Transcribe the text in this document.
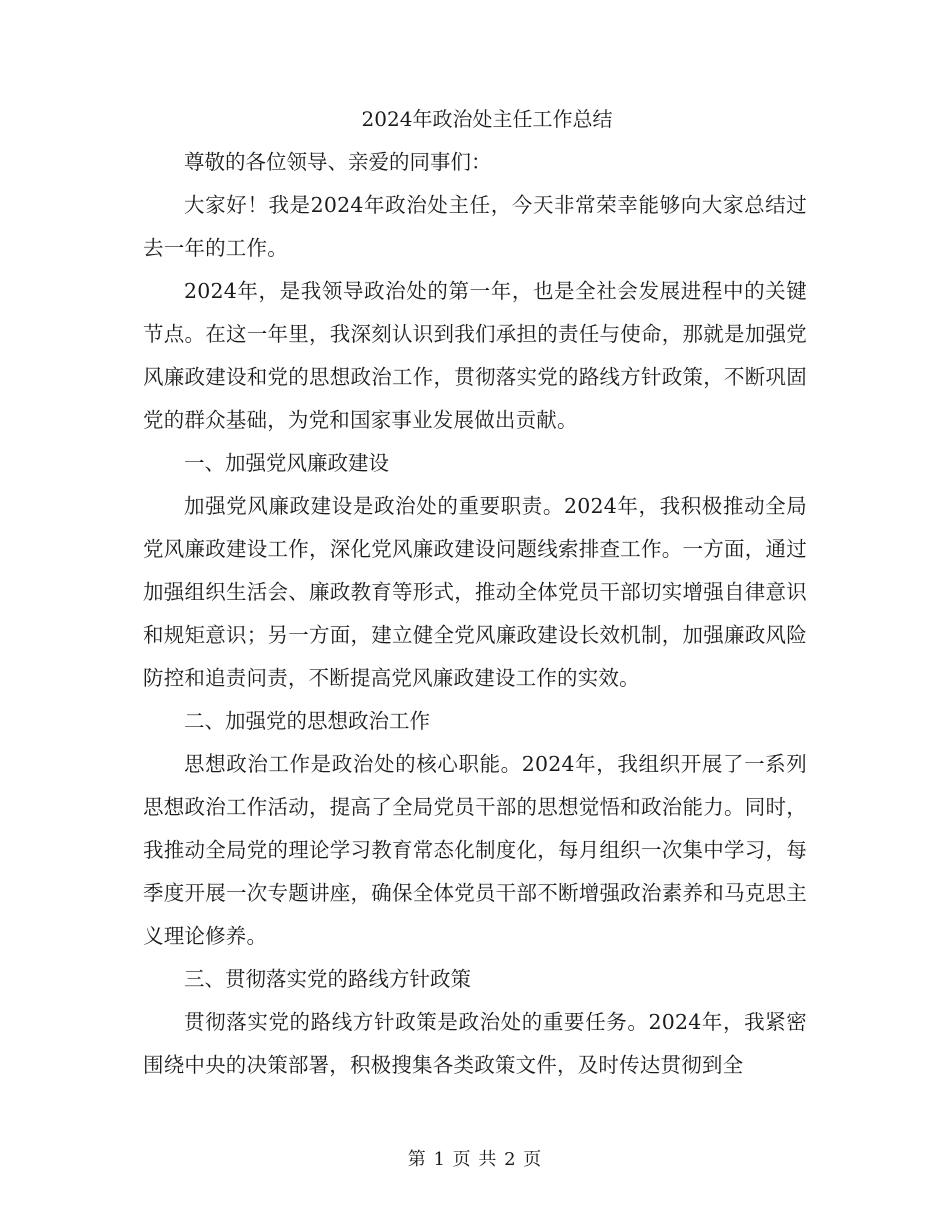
2024年政治处主任工作总结

尊敬的各位领导、亲爱的同事们：

大家好！我是2024年政治处主任，今天非常荣幸能够向大家总结过去一年的工作。

2024年，是我领导政治处的第一年，也是全社会发展进程中的关键节点。在这一年里，我深刻认识到我们承担的责任与使命，那就是加强党风廉政建设和党的思想政治工作，贯彻落实党的路线方针政策，不断巩固党的群众基础，为党和国家事业发展做出贡献。

一、加强党风廉政建设

加强党风廉政建设是政治处的重要职责。2024年，我积极推动全局党风廉政建设工作，深化党风廉政建设问题线索排查工作。一方面，通过加强组织生活会、廉政教育等形式，推动全体党员干部切实增强自律意识和规矩意识；另一方面，建立健全党风廉政建设长效机制，加强廉政风险防控和追责问责，不断提高党风廉政建设工作的实效。

二、加强党的思想政治工作

思想政治工作是政治处的核心职能。2024年，我组织开展了一系列思想政治工作活动，提高了全局党员干部的思想觉悟和政治能力。同时，我推动全局党的理论学习教育常态化制度化，每月组织一次集中学习，每季度开展一次专题讲座，确保全体党员干部不断增强政治素养和马克思主义理论修养。

三、贯彻落实党的路线方针政策

贯彻落实党的路线方针政策是政治处的重要任务。2024年，我紧密围绕中央的决策部署，积极搜集各类政策文件，及时传达贯彻到全

第 1 页 共 2 页
